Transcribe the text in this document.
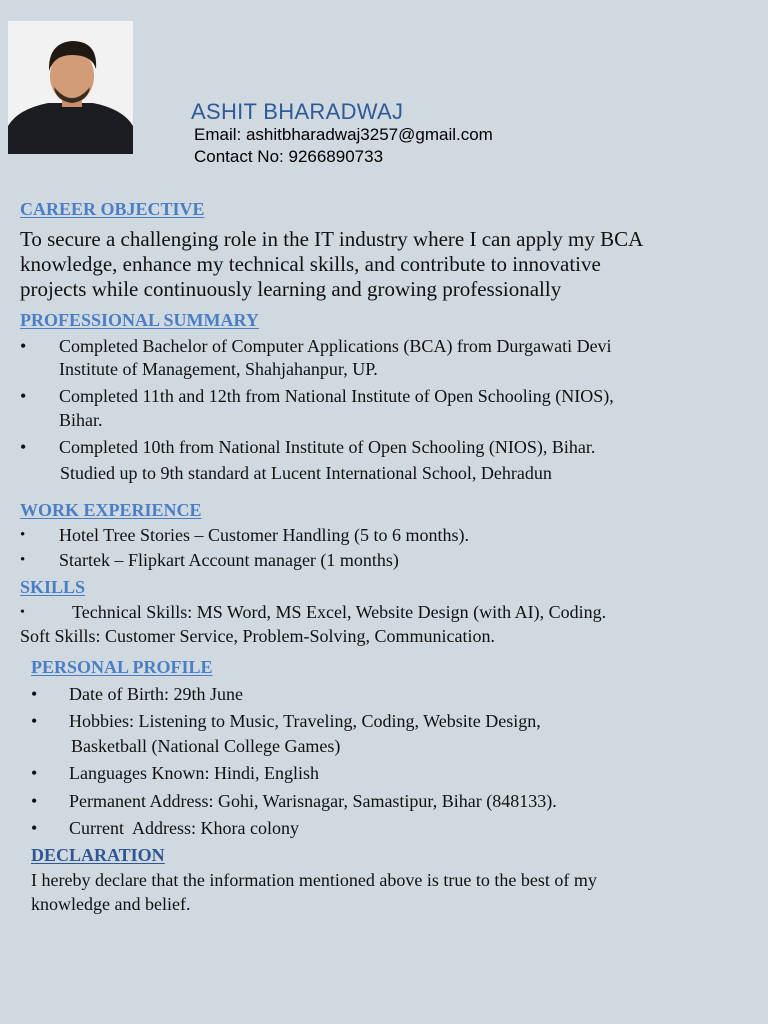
ASHIT BHARADWAJ
Email: ashitbharadwaj3257@gmail.com
Contact No: 9266890733
CAREER OBJECTIVE
To secure a challenging role in the IT industry where I can apply my BCA
knowledge, enhance my technical skills, and contribute to innovative
projects while continuously learning and growing professionally
PROFESSIONAL SUMMARY
• Completed Bachelor of Computer Applications (BCA) from Durgawati Devi
Institute of Management, Shahjahanpur, UP.
• Completed 11th and 12th from National Institute of Open Schooling (NIOS),
Bihar.
• Completed 10th from National Institute of Open Schooling (NIOS), Bihar.
Studied up to 9th standard at Lucent International School, Dehradun
WORK EXPERIENCE
• Hotel Tree Stories – Customer Handling (5 to 6 months).
• Startek – Flipkart Account manager (1 months)
SKILLS
•	Technical Skills: MS Word, MS Excel, Website Design (with AI), Coding.
Soft Skills: Customer Service, Problem-Solving, Communication.
PERSONAL PROFILE
• Date of Birth: 29th June
• Hobbies: Listening to Music, Traveling, Coding, Website Design,
Basketball (National College Games)
• Languages Known: Hindi, English
• Permanent Address: Gohi, Warisnagar, Samastipur, Bihar (848133).
• Current  Address: Khora colony
DECLARATION
I hereby declare that the information mentioned above is true to the best of my
knowledge and belief.
